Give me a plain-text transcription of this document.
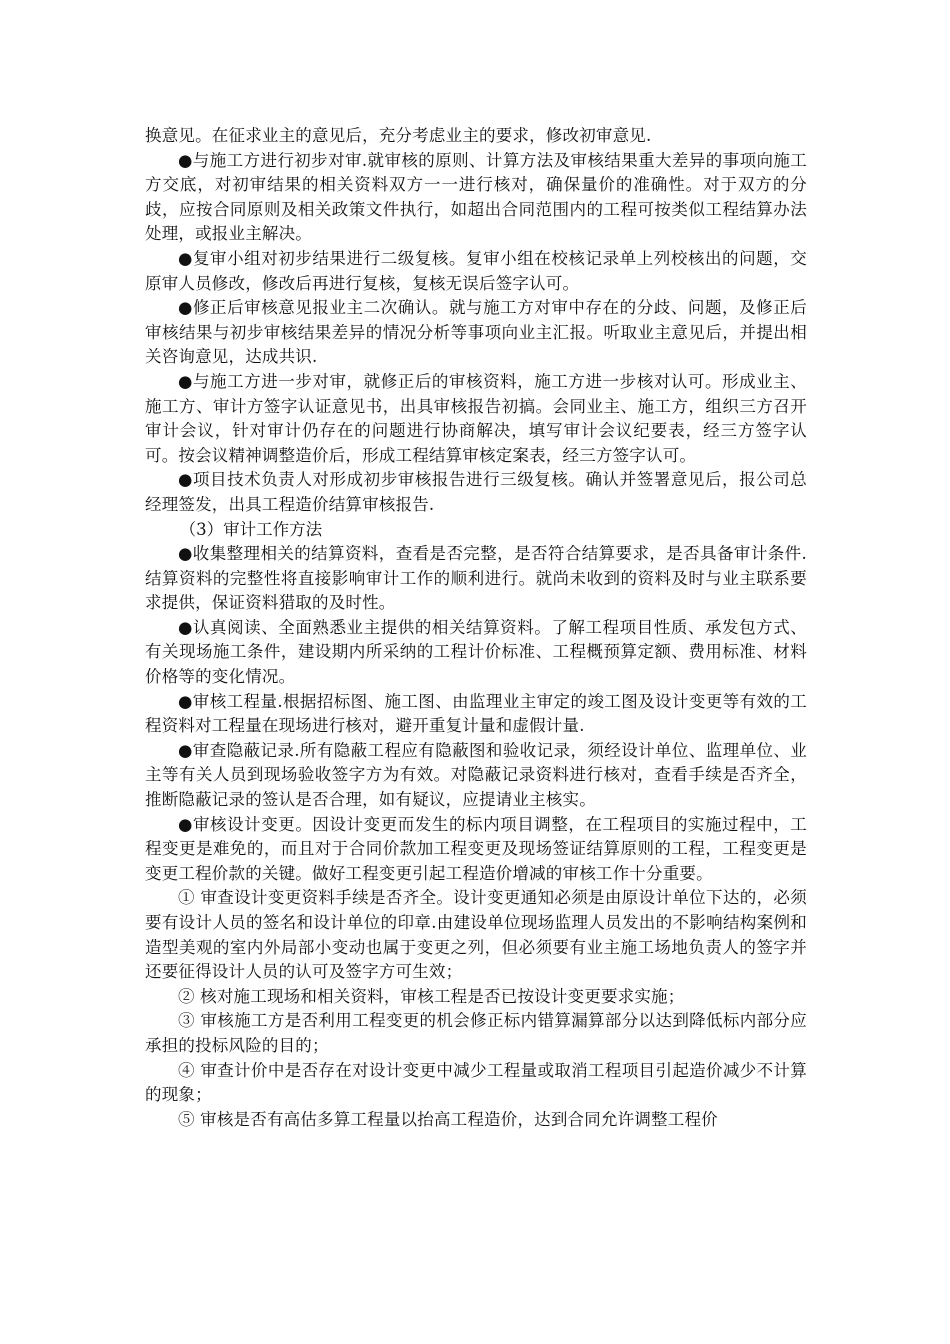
换意见。在征求业主的意见后，充分考虑业主的要求，修改初审意见.

●与施工方进行初步对审.就审核的原则、计算方法及审核结果重大差异的事项向施工方交底，对初审结果的相关资料双方一一进行核对，确保量价的准确性。对于双方的分歧，应按合同原则及相关政策文件执行，如超出合同范围内的工程可按类似工程结算办法处理，或报业主解决。

●复审小组对初步结果进行二级复核。复审小组在校核记录单上列校核出的问题，交原审人员修改，修改后再进行复核，复核无误后签字认可。

●修正后审核意见报业主二次确认。就与施工方对审中存在的分歧、问题，及修正后审核结果与初步审核结果差异的情况分析等事项向业主汇报。听取业主意见后，并提出相关咨询意见，达成共识.

●与施工方进一步对审，就修正后的审核资料，施工方进一步核对认可。形成业主、施工方、审计方签字认证意见书，出具审核报告初搞。会同业主、施工方，组织三方召开审计会议，针对审计仍存在的问题进行协商解决，填写审计会议纪要表，经三方签字认可。按会议精神调整造价后，形成工程结算审核定案表，经三方签字认可。

●项目技术负责人对形成初步审核报告进行三级复核。确认并签署意见后，报公司总经理签发，出具工程造价结算审核报告.

（3）审计工作方法

●收集整理相关的结算资料，查看是否完整，是否符合结算要求，是否具备审计条件.结算资料的完整性将直接影响审计工作的顺利进行。就尚未收到的资料及时与业主联系要求提供，保证资料猎取的及时性。

●认真阅读、全面熟悉业主提供的相关结算资料。了解工程项目性质、承发包方式、有关现场施工条件，建设期内所采纳的工程计价标准、工程概预算定额、费用标准、材料价格等的变化情况。

●审核工程量.根据招标图、施工图、由监理业主审定的竣工图及设计变更等有效的工程资料对工程量在现场进行核对，避开重复计量和虚假计量.

●审查隐蔽记录.所有隐蔽工程应有隐蔽图和验收记录，须经设计单位、监理单位、业主等有关人员到现场验收签字方为有效。对隐蔽记录资料进行核对，查看手续是否齐全，推断隐蔽记录的签认是否合理，如有疑议，应提请业主核实。

●审核设计变更。因设计变更而发生的标内项目调整，在工程项目的实施过程中，工程变更是难免的，而且对于合同价款加工程变更及现场签证结算原则的工程，工程变更是变更工程价款的关键。做好工程变更引起工程造价增减的审核工作十分重要。

① 审查设计变更资料手续是否齐全。设计变更通知必须是由原设计单位下达的，必须要有设计人员的签名和设计单位的印章.由建设单位现场监理人员发出的不影响结构案例和造型美观的室内外局部小变动也属于变更之列，但必须要有业主施工场地负责人的签字并还要征得设计人员的认可及签字方可生效；

② 核对施工现场和相关资料，审核工程是否已按设计变更要求实施；

③ 审核施工方是否利用工程变更的机会修正标内错算漏算部分以达到降低标内部分应承担的投标风险的目的；

④ 审查计价中是否存在对设计变更中减少工程量或取消工程项目引起造价减少不计算的现象；

⑤ 审核是否有高估多算工程量以抬高工程造价，达到合同允许调整工程价
